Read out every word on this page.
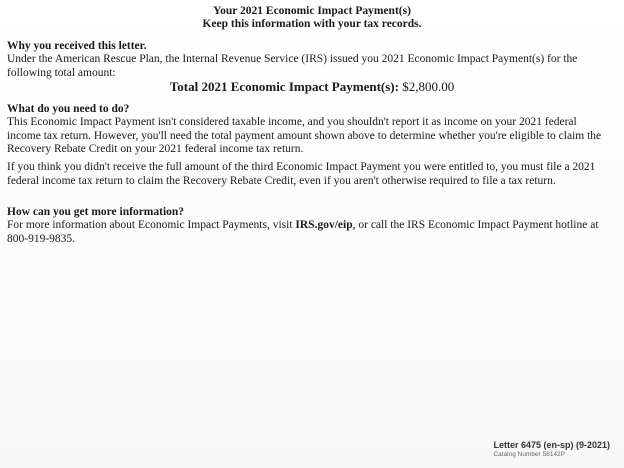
Your 2021 Economic Impact Payment(s)
Keep this information with your tax records.

Why you received this letter.

Under the American Rescue Plan, the Internal Revenue Service (IRS) issued you 2021 Economic Impact Payment(s) for the following total amount:

Total 2021 Economic Impact Payment(s): $2,800.00

What do you need to do?

This Economic Impact Payment isn't considered taxable income, and you shouldn't report it as income on your 2021 federal income tax return. However, you'll need the total payment amount shown above to determine whether you're eligible to claim the Recovery Rebate Credit on your 2021 federal income tax return.

If you think you didn't receive the full amount of the third Economic Impact Payment you were entitled to, you must file a 2021 federal income tax return to claim the Recovery Rebate Credit, even if you aren't otherwise required to file a tax return.

How can you get more information?

For more information about Economic Impact Payments, visit IRS.gov/eip, or call the IRS Economic Impact Payment hotline at 800-919-9835.

Letter 6475 (en-sp) (9-2021)
Catalog Number 58142P
